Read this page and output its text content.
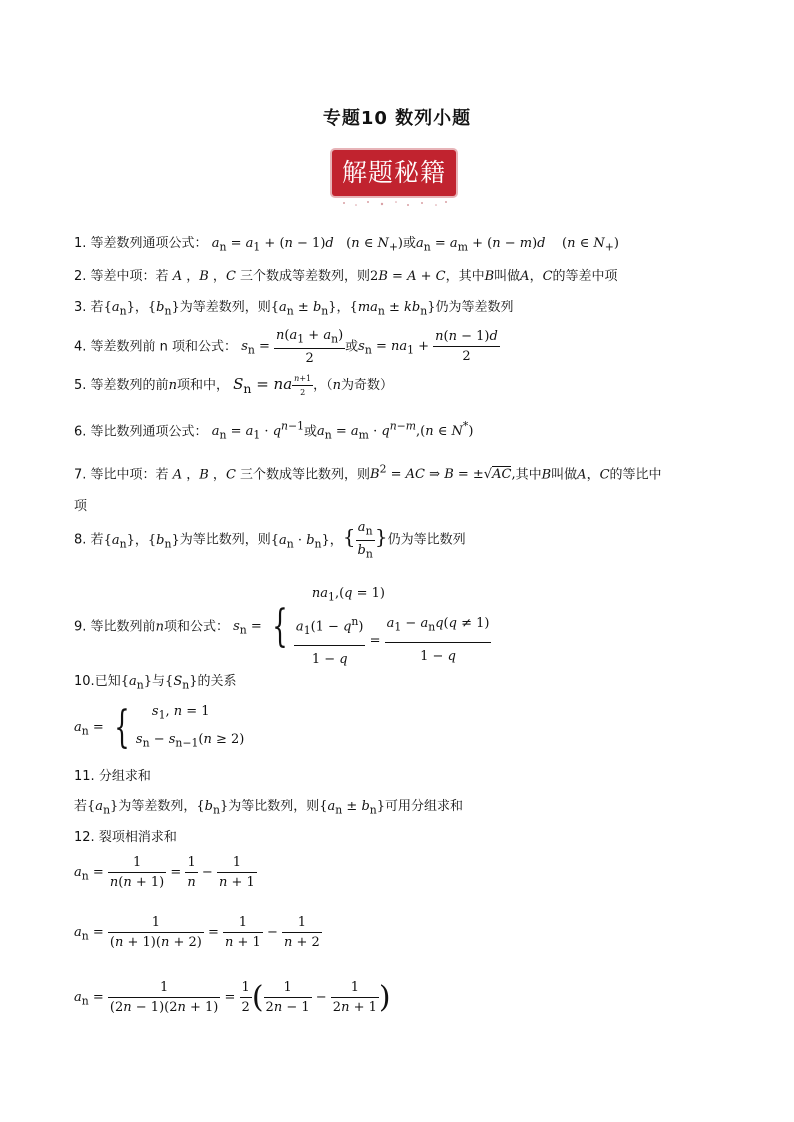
专题10 数列小题
解题秘籍
1. 等差数列通项公式： $a_n = a_1 + (n - 1)d$   (n ∈ $N_+$)或$a_n = a_m + (n - m)d$    (n ∈ $N_+$)
2. 等差中项：若 A ，B ，C 三个数成等差数列，则2B = A + C，其中B叫做A，C的等差中项
3. 若$\{a_n\}$，$\{b_n\}$为等差数列，则$\{a_n \pm b_n\}$，$\{ma_n \pm kb_n\}$仍为等差数列
4. 等差数列前 n 项和公式： $s_n = \frac{n(a_1 + a_n)}{2}$ 或$s_n = na_1 + \frac{n(n - 1)d}{2}$
5. 等差数列的前n项和中， $S_n$ = na $\frac{n+1}{2}$ ，（n为奇数）
6. 等比数列通项公式： $a_n = a_1 \cdot q^{n-1}$或$a_n = a_m \cdot q^{n-m},(n$ ∈ N*)
7. 等比中项：若 A ，B ，C 三个数成等比数列，则$B^2$ = AC ⇒ B = ±√AC,其中B叫做A，C的等比中
项
8. 若$\{a_n\}$，$\{b_n\}$为等比数列，则$\{a_n \cdot b_n\}$，{ $\frac{a_n}{b_n}$ }仍为等比数列
9. 等比数列前n项和公式： $s_n$ = {
$na_1,(q = 1)$
$\frac{a_1(1 - q^n)}{1 - q} = \frac{a_1 - a_nq(q \ne 1)}{1 - q}$
10.已知$\{a_n\}$与$\{S_n\}$的关系
$a_n$ = {	$s_1$, n = 1
$s_n - s_{n-1}(n \ge 2)$
11. 分组求和
若$\{a_n\}$为等差数列，$\{b_n\}$为等比数列，则$\{a_n \pm b_n\}$可用分组求和
12. 裂项相消求和
$a_n = \frac{1}{n(n + 1)} = \frac{1}{n} - \frac{1}{n + 1}$
$a_n = \frac{1}{(n + 1)(n + 2)} = \frac{1}{n + 1} - \frac{1}{n + 2}$
$a_n = \frac{1}{(2n - 1)(2n + 1)} = \frac{1}{2}$ ( $\frac{1}{2n - 1} - \frac{1}{2n + 1}$ )
